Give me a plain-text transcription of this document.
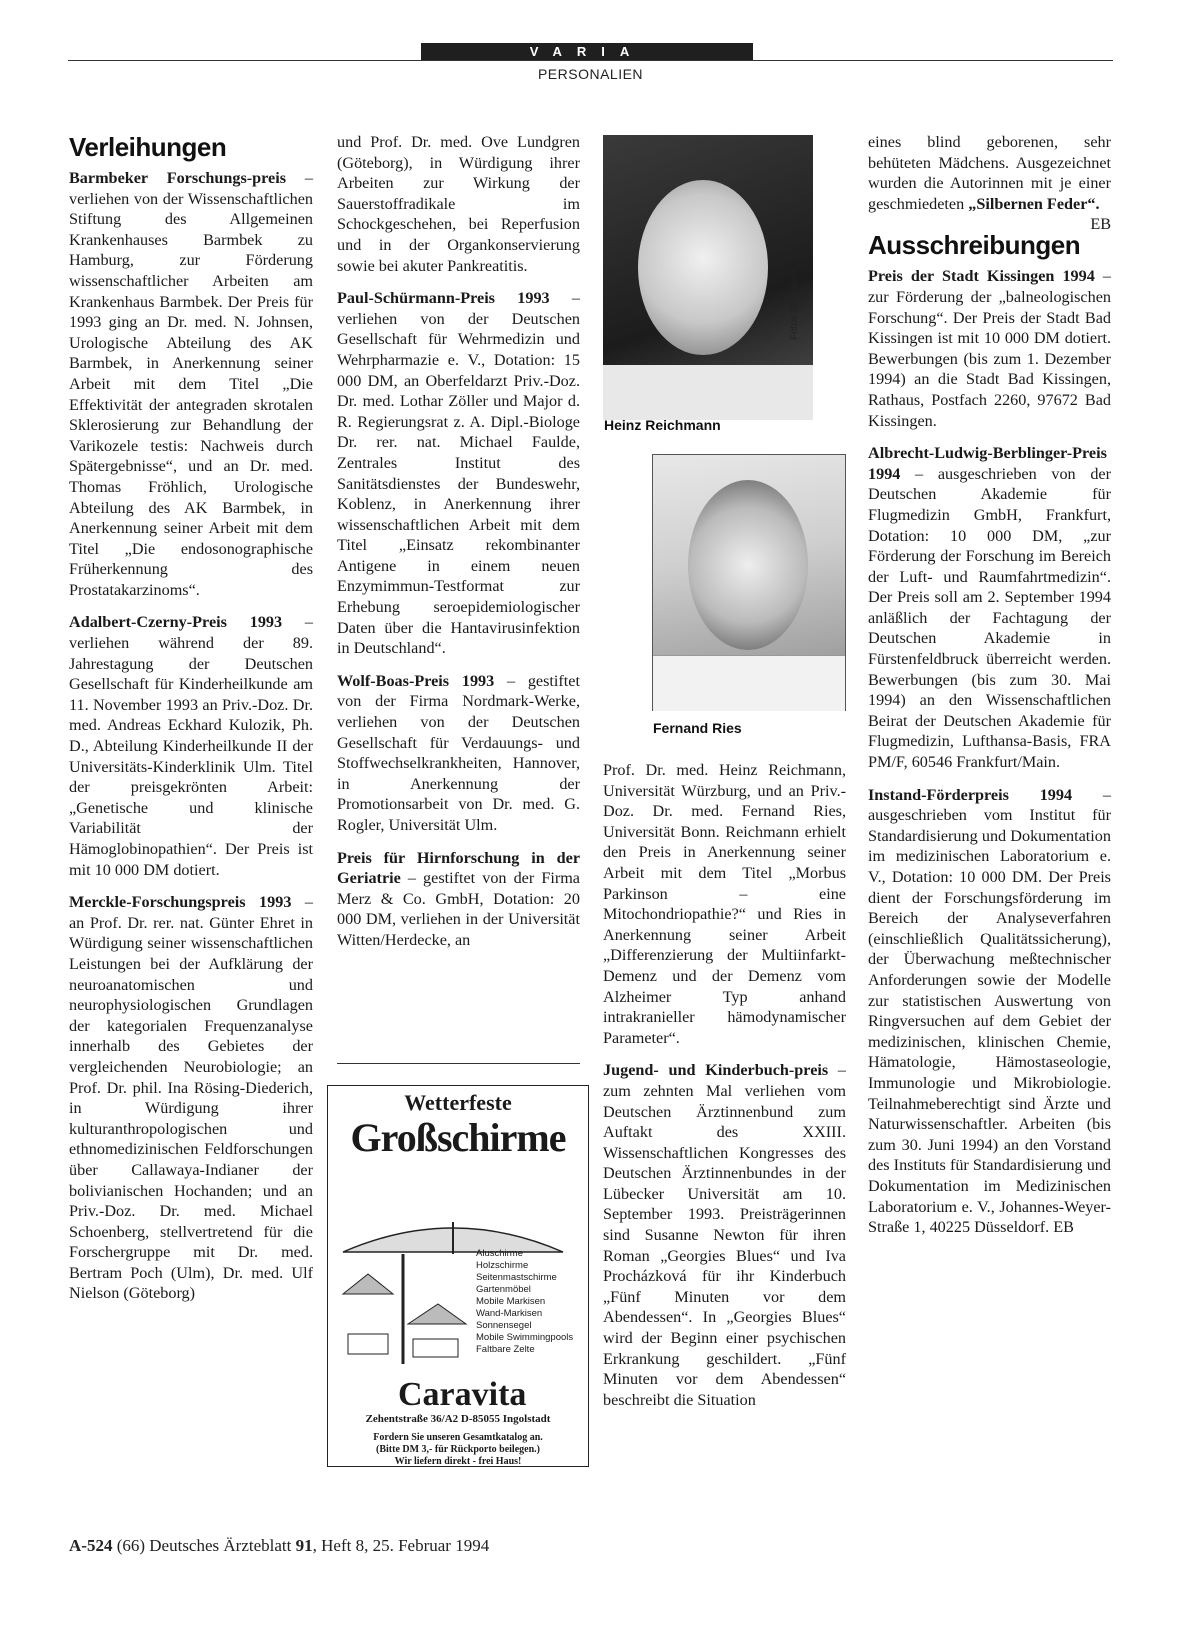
VARIA
PERSONALIEN
Verleihungen

Barmbeker Forschungs-preis – verliehen von der Wissenschaftlichen Stiftung des Allgemeinen Krankenhauses Barmbek zu Hamburg, zur Förderung wissenschaftlicher Arbeiten am Krankenhaus Barmbek. Der Preis für 1993 ging an Dr. med. N. Johnsen, Urologische Abteilung des AK Barmbek, in Anerkennung seiner Arbeit mit dem Titel „Die Effektivität der antegraden skrotalen Sklerosierung zur Behandlung der Varikozele testis: Nachweis durch Spätergebnisse“, und an Dr. med. Thomas Fröhlich, Urologische Abteilung des AK Barmbek, in Anerkennung seiner Arbeit mit dem Titel „Die endosonographische Früherkennung des Prostatakarzinoms“.

Adalbert-Czerny-Preis 1993 – verliehen während der 89. Jahrestagung der Deutschen Gesellschaft für Kinderheilkunde am 11. November 1993 an Priv.-Doz. Dr. med. Andreas Eckhard Kulozik, Ph. D., Abteilung Kinderheilkunde II der Universitäts-Kinderklinik Ulm. Titel der preisgekrönten Arbeit: „Genetische und klinische Variabilität der Hämoglobinopathien“. Der Preis ist mit 10 000 DM dotiert.

Merckle-Forschungspreis 1993 – an Prof. Dr. rer. nat. Günter Ehret in Würdigung seiner wissenschaftlichen Leistungen bei der Aufklärung der neuroanatomischen und neurophysiologischen Grundlagen der kategorialen Frequenzanalyse innerhalb des Gebietes der vergleichenden Neurobiologie; an Prof. Dr. phil. Ina Rösing-Diederich, in Würdigung ihrer kulturanthropologischen und ethnomedizinischen Feldforschungen über Callawaya-Indianer der bolivianischen Hochanden; und an Priv.-Doz. Dr. med. Michael Schoenberg, stellvertretend für die Forschergruppe mit Dr. med. Bertram Poch (Ulm), Dr. med. Ulf Nielson (Göteborg)

und Prof. Dr. med. Ove Lundgren (Göteborg), in Würdigung ihrer Arbeiten zur Wirkung der Sauerstoffradikale im Schockgeschehen, bei Reperfusion und in der Organkonservierung sowie bei akuter Pankreatitis.

Paul-Schürmann-Preis 1993 – verliehen von der Deutschen Gesellschaft für Wehrmedizin und Wehrpharmazie e. V., Dotation: 15 000 DM, an Oberfeldarzt Priv.-Doz. Dr. med. Lothar Zöller und Major d. R. Regierungsrat z. A. Dipl.-Biologe Dr. rer. nat. Michael Faulde, Zentrales Institut des Sanitätsdienstes der Bundeswehr, Koblenz, in Anerkennung ihrer wissenschaftlichen Arbeit mit dem Titel „Einsatz rekombinanter Antigene in einem neuen Enzymimmun-Testformat zur Erhebung seroepidemiologischer Daten über die Hantavirusinfektion in Deutschland“.

Wolf-Boas-Preis 1993 – gestiftet von der Firma Nordmark-Werke, verliehen von der Deutschen Gesellschaft für Verdauungs- und Stoffwechselkrankheiten, Hannover, in Anerkennung der Promotionsarbeit von Dr. med. G. Rogler, Universität Ulm.

Preis für Hirnforschung in der Geriatrie – gestiftet von der Firma Merz & Co. GmbH, Dotation: 20 000 DM, verliehen in der Universität Witten/Herdecke, an

Wetterfeste
Großschirme
Aluschirme
Holzschirme
Seitenmastschirme
Gartenmöbel
Mobile Markisen
Wand-Markisen
Sonnensegel
Mobile Swimmingpools
Faltbare Zelte
Caravita
Zehentstraße 36/A2 D-85055 Ingolstadt
Fordern Sie unseren Gesamtkatalog an.
(Bitte DM 3,- für Rückporto beilegen.)
Wir liefern direkt - frei Haus!
Fotos (2): privat
Heinz Reichmann
Fernand Ries

Prof. Dr. med. Heinz Reichmann, Universität Würzburg, und an Priv.-Doz. Dr. med. Fernand Ries, Universität Bonn. Reichmann erhielt den Preis in Anerkennung seiner Arbeit mit dem Titel „Morbus Parkinson – eine Mitochondriopathie?“ und Ries in Anerkennung seiner Arbeit „Differenzierung der Multiinfarkt-Demenz und der Demenz vom Alzheimer Typ anhand intrakranieller hämodynamischer Parameter“.

Jugend- und Kinderbuch-preis – zum zehnten Mal verliehen vom Deutschen Ärztinnenbund zum Auftakt des XXIII. Wissenschaftlichen Kongresses des Deutschen Ärztinnenbundes in der Lübecker Universität am 10. September 1993. Preisträgerinnen sind Susanne Newton für ihren Roman „Georgies Blues“ und Iva Procházková für ihr Kinderbuch „Fünf Minuten vor dem Abendessen“. In „Georgies Blues“ wird der Beginn einer psychischen Erkrankung geschildert. „Fünf Minuten vor dem Abendessen“ beschreibt die Situation

eines blind geborenen, sehr behüteten Mädchens. Ausgezeichnet wurden die Autorinnen mit je einer geschmiedeten „Silbernen Feder“.
EB

Ausschreibungen

Preis der Stadt Kissingen 1994 – zur Förderung der „balneologischen Forschung“. Der Preis der Stadt Bad Kissingen ist mit 10 000 DM dotiert. Bewerbungen (bis zum 1. Dezember 1994) an die Stadt Bad Kissingen, Rathaus, Postfach 2260, 97672 Bad Kissingen.

Albrecht-Ludwig-Berblinger-Preis 1994 – ausgeschrieben von der Deutschen Akademie für Flugmedizin GmbH, Frankfurt, Dotation: 10 000 DM, „zur Förderung der Forschung im Bereich der Luft- und Raumfahrtmedizin“. Der Preis soll am 2. September 1994 anläßlich der Fachtagung der Deutschen Akademie in Fürstenfeldbruck überreicht werden. Bewerbungen (bis zum 30. Mai 1994) an den Wissenschaftlichen Beirat der Deutschen Akademie für Flugmedizin, Lufthansa-Basis, FRA PM/F, 60546 Frankfurt/Main.

Instand-Förderpreis 1994 – ausgeschrieben vom Institut für Standardisierung und Dokumentation im medizinischen Laboratorium e. V., Dotation: 10 000 DM. Der Preis dient der Forschungsförderung im Bereich der Analyseverfahren (einschließlich Qualitätssicherung), der Überwachung meßtechnischer Anforderungen sowie der Modelle zur statistischen Auswertung von Ringversuchen auf dem Gebiet der medizinischen, klinischen Chemie, Hämatologie, Hämostaseologie, Immunologie und Mikrobiologie. Teilnahmeberechtigt sind Ärzte und Naturwissenschaftler. Arbeiten (bis zum 30. Juni 1994) an den Vorstand des Instituts für Standardisierung und Dokumentation im Medizinischen Laboratorium e. V., Johannes-Weyer-Straße 1, 40225 Düsseldorf. EB

A-524 (66) Deutsches Ärzteblatt 91, Heft 8, 25. Februar 1994
